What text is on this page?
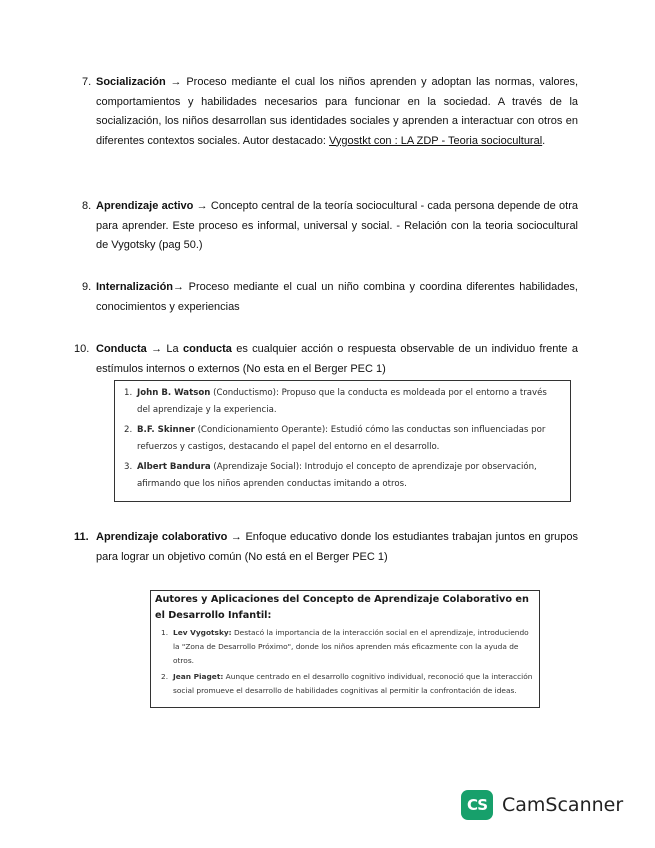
7. Socialización → Proceso mediante el cual los niños aprenden y adoptan las normas, valores, comportamientos y habilidades necesarios para funcionar en la sociedad. A través de la socialización, los niños desarrollan sus identidades sociales y aprenden a interactuar con otros en diferentes contextos sociales. Autor destacado: Vygostkt con : LA ZDP - Teoria sociocultural.
8. Aprendizaje activo → Concepto central de la teoría sociocultural - cada persona depende de otra para aprender. Este proceso es informal, universal y social. - Relación con la teoria sociocultural de Vygotsky (pag 50.)
9. Internalización→ Proceso mediante el cual un niño combina y coordina diferentes habilidades, conocimientos y experiencias
10. Conducta → La conducta es cualquier acción o respuesta observable de un individuo frente a estímulos internos o externos (No esta en el Berger PEC 1)
1. John B. Watson (Conductismo): Propuso que la conducta es moldeada por el entorno a través del aprendizaje y la experiencia.
2. B.F. Skinner (Condicionamiento Operante): Estudió cómo las conductas son influenciadas por refuerzos y castigos, destacando el papel del entorno en el desarrollo.
3. Albert Bandura (Aprendizaje Social): Introdujo el concepto de aprendizaje por observación, afirmando que los niños aprenden conductas imitando a otros.
11. Aprendizaje colaborativo → Enfoque educativo donde los estudiantes trabajan juntos en grupos para lograr un objetivo común (No está en el Berger PEC 1)
Autores y Aplicaciones del Concepto de Aprendizaje Colaborativo en el Desarrollo Infantil:
1. Lev Vygotsky: Destacó la importancia de la interacción social en el aprendizaje, introduciendo la "Zona de Desarrollo Próximo", donde los niños aprenden más eficazmente con la ayuda de otros.
2. Jean Piaget: Aunque centrado en el desarrollo cognitivo individual, reconoció que la interacción social promueve el desarrollo de habilidades cognitivas al permitir la confrontación de ideas.
CS CamScanner
